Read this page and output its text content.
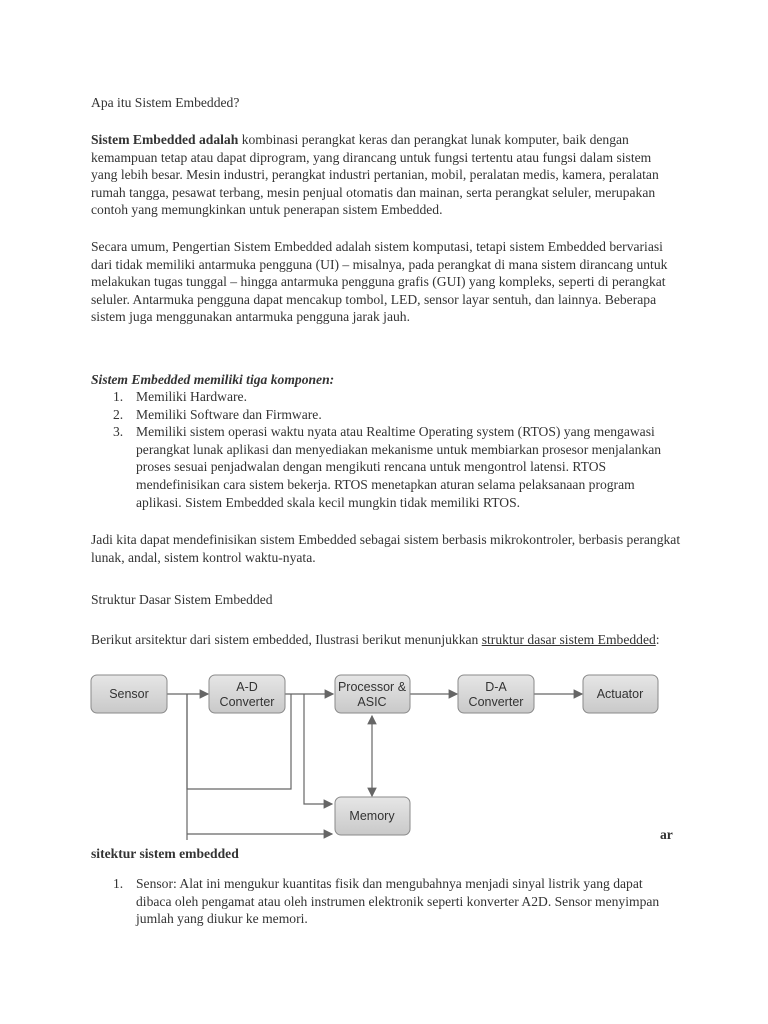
Apa itu Sistem Embedded?
Sistem Embedded adalah kombinasi perangkat keras dan perangkat lunak komputer, baik dengan kemampuan tetap atau dapat diprogram, yang dirancang untuk fungsi tertentu atau fungsi dalam sistem yang lebih besar. Mesin industri, perangkat industri pertanian, mobil, peralatan medis, kamera, peralatan rumah tangga, pesawat terbang, mesin penjual otomatis dan mainan, serta perangkat seluler, merupakan contoh yang memungkinkan untuk penerapan sistem Embedded.
Secara umum, Pengertian Sistem Embedded adalah sistem komputasi, tetapi sistem Embedded bervariasi dari tidak memiliki antarmuka pengguna (UI) – misalnya, pada perangkat di mana sistem dirancang untuk melakukan tugas tunggal – hingga antarmuka pengguna grafis (GUI) yang kompleks, seperti di perangkat seluler. Antarmuka pengguna dapat mencakup tombol, LED, sensor layar sentuh, dan lainnya. Beberapa sistem juga menggunakan antarmuka pengguna jarak jauh.
Sistem Embedded memiliki tiga komponen:
1. Memiliki Hardware.
2. Memiliki Software dan Firmware.
3. Memiliki sistem operasi waktu nyata atau Realtime Operating system (RTOS) yang mengawasi perangkat lunak aplikasi dan menyediakan mekanisme untuk membiarkan prosesor menjalankan proses sesuai penjadwalan dengan mengikuti rencana untuk mengontrol latensi. RTOS mendefinisikan cara sistem bekerja. RTOS menetapkan aturan selama pelaksanaan program aplikasi. Sistem Embedded skala kecil mungkin tidak memiliki RTOS.
Jadi kita dapat mendefinisikan sistem Embedded sebagai sistem berbasis mikrokontroler, berbasis perangkat lunak, andal, sistem kontrol waktu-nyata.
Struktur Dasar Sistem Embedded
Berikut arsitektur dari sistem embedded, Ilustrasi berikut menunjukkan struktur dasar sistem Embedded:
Sensor	A-D
Converter
Processor &
ASIC
D-A
Converter
Actuator
Memory
ar
sitektur sistem embedded
1. Sensor: Alat ini mengukur kuantitas fisik dan mengubahnya menjadi sinyal listrik yang dapat dibaca oleh pengamat atau oleh instrumen elektronik seperti konverter A2D. Sensor menyimpan jumlah yang diukur ke memori.
